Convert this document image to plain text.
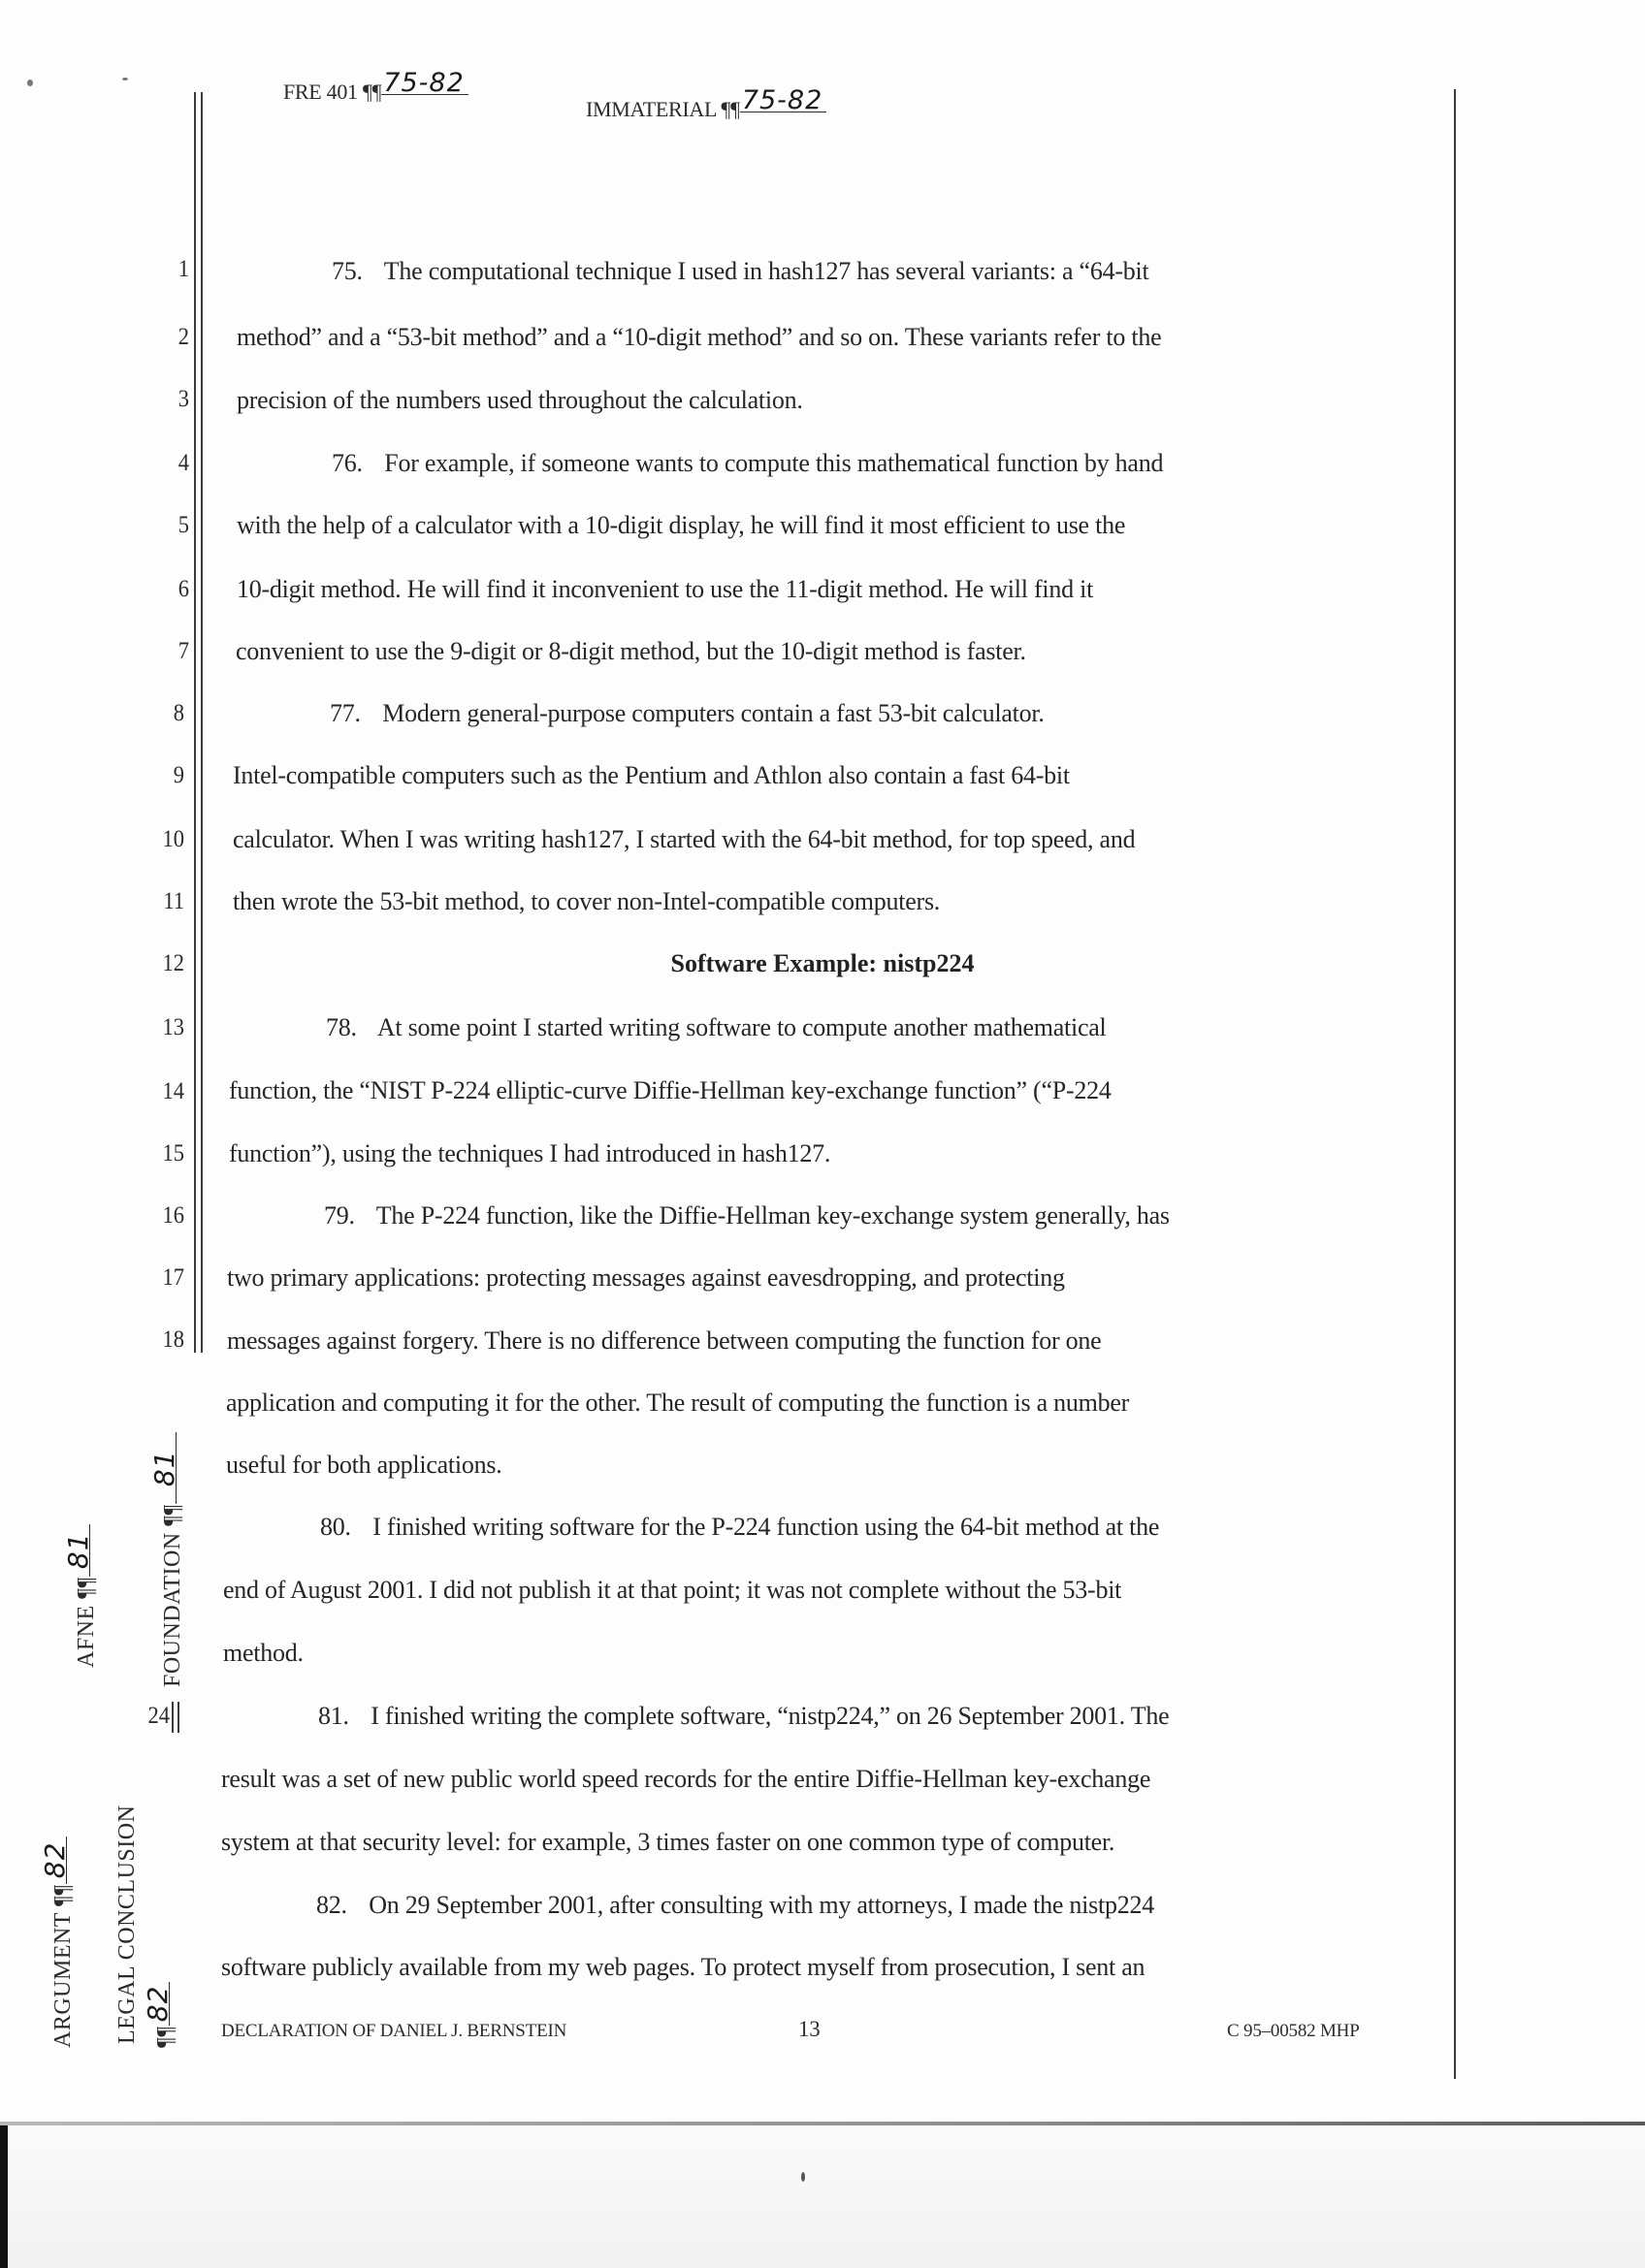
FRE 401 ¶¶75-82
IMMATERIAL ¶¶75-82
1
2
3
4
5
6
7
8
9
10
11
12
13
14
15
16
17
18
24
75. The computational technique I used in hash127 has several variants: a “64-bit
method” and a “53-bit method” and a “10-digit method” and so on. These variants refer to the
precision of the numbers used throughout the calculation.
76. For example, if someone wants to compute this mathematical function by hand
with the help of a calculator with a 10-digit display, he will find it most efficient to use the
10-digit method. He will find it inconvenient to use the 11-digit method. He will find it
convenient to use the 9-digit or 8-digit method, but the 10-digit method is faster.
77. Modern general-purpose computers contain a fast 53-bit calculator.
Intel-compatible computers such as the Pentium and Athlon also contain a fast 64-bit
calculator. When I was writing hash127, I started with the 64-bit method, for top speed, and
then wrote the 53-bit method, to cover non-Intel-compatible computers.
Software Example: nistp224
78. At some point I started writing software to compute another mathematical
function, the “NIST P-224 elliptic-curve Diffie-Hellman key-exchange function” (“P-224
function”), using the techniques I had introduced in hash127.
79. The P-224 function, like the Diffie-Hellman key-exchange system generally, has
two primary applications: protecting messages against eavesdropping, and protecting
messages against forgery. There is no difference between computing the function for one
application and computing it for the other. The result of computing the function is a number
useful for both applications.
80. I finished writing software for the P-224 function using the 64-bit method at the
end of August 2001. I did not publish it at that point; it was not complete without the 53-bit
method.
81. I finished writing the complete software, “nistp224,” on 26 September 2001. The
result was a set of new public world speed records for the entire Diffie-Hellman key-exchange
system at that security level: for example, 3 times faster on one common type of computer.
82. On 29 September 2001, after consulting with my attorneys, I made the nistp224
software publicly available from my web pages. To protect myself from prosecution, I sent an
AFNE ¶¶81	FOUNDATION ¶¶81
ARGUMENT ¶¶82 LEGAL CONCLUSION ¶¶82
DECLARATION OF DANIEL J. BERNSTEIN	13	C 95–00582 MHP
